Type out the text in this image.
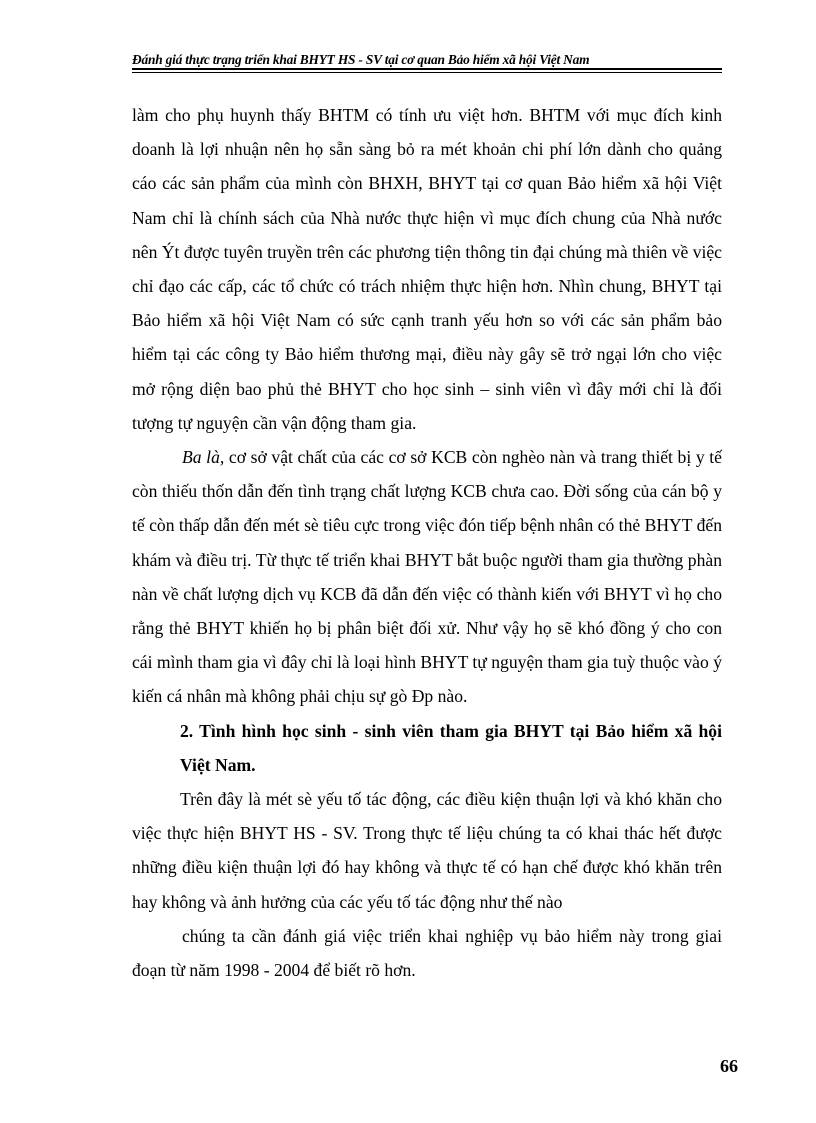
Đánh giá thực trạng triển khai BHYT HS - SV tại cơ quan Bảo hiểm xã hội Việt Nam

làm cho phụ huynh thấy BHTM có tính ưu việt hơn. BHTM với mục đích kinh doanh là lợi nhuận nên họ sẵn sàng bỏ ra mét khoản chi phí lớn dành cho quảng cáo các sản phẩm của mình còn BHXH, BHYT tại cơ quan Bảo hiểm xã hội Việt Nam chỉ là chính sách của Nhà nước thực hiện vì mục đích chung của Nhà nước nên Ýt được tuyên truyền trên các phương tiện thông tin đại chúng mà thiên về việc chỉ đạo các cấp, các tổ chức có trách nhiệm thực hiện hơn. Nhìn chung, BHYT tại Bảo hiểm xã hội Việt Nam có sức cạnh tranh yếu hơn so với các sản phẩm bảo hiểm tại các công ty Bảo hiểm thương mại, điều này gây sẽ trở ngại lớn cho việc mở rộng diện bao phủ thẻ BHYT cho học sinh – sinh viên vì đây mới chỉ là đối tượng tự nguyện cần vận động tham gia.

Ba là, cơ sở vật chất của các cơ sở KCB còn nghèo nàn và trang thiết bị y tế còn thiếu thốn dẫn đến tình trạng chất lượng KCB chưa cao. Đời sống của cán bộ y tế còn thấp dẫn đến mét sè tiêu cực trong việc đón tiếp bệnh nhân có thẻ BHYT đến khám và điều trị. Từ thực tế triển khai BHYT bắt buộc người tham gia thường phàn nàn về chất lượng dịch vụ KCB đã dẫn đến việc có thành kiến với BHYT vì họ cho rằng thẻ BHYT khiến họ bị phân biệt đối xử. Như vậy họ sẽ khó đồng ý cho con cái mình tham gia vì đây chỉ là loại hình BHYT tự nguyện tham gia tuỳ thuộc vào ý kiến cá nhân mà không phải chịu sự gò Ðp nào.

2. Tình hình học sinh - sinh viên tham gia BHYT tại Bảo hiểm xã hội Việt Nam.

Trên đây là mét sè yếu tố tác động, các điều kiện thuận lợi và khó khăn cho việc thực hiện BHYT HS - SV. Trong thực tế liệu chúng ta có khai thác hết được những điều kiện thuận lợi đó hay không và thực tế có hạn chế được khó khăn trên hay không và ảnh hưởng của các yếu tố tác động như thế nào

chúng ta cần đánh giá việc triển khai nghiệp vụ bảo hiểm này trong giai đoạn từ năm 1998 - 2004 để biết rõ hơn.

66
